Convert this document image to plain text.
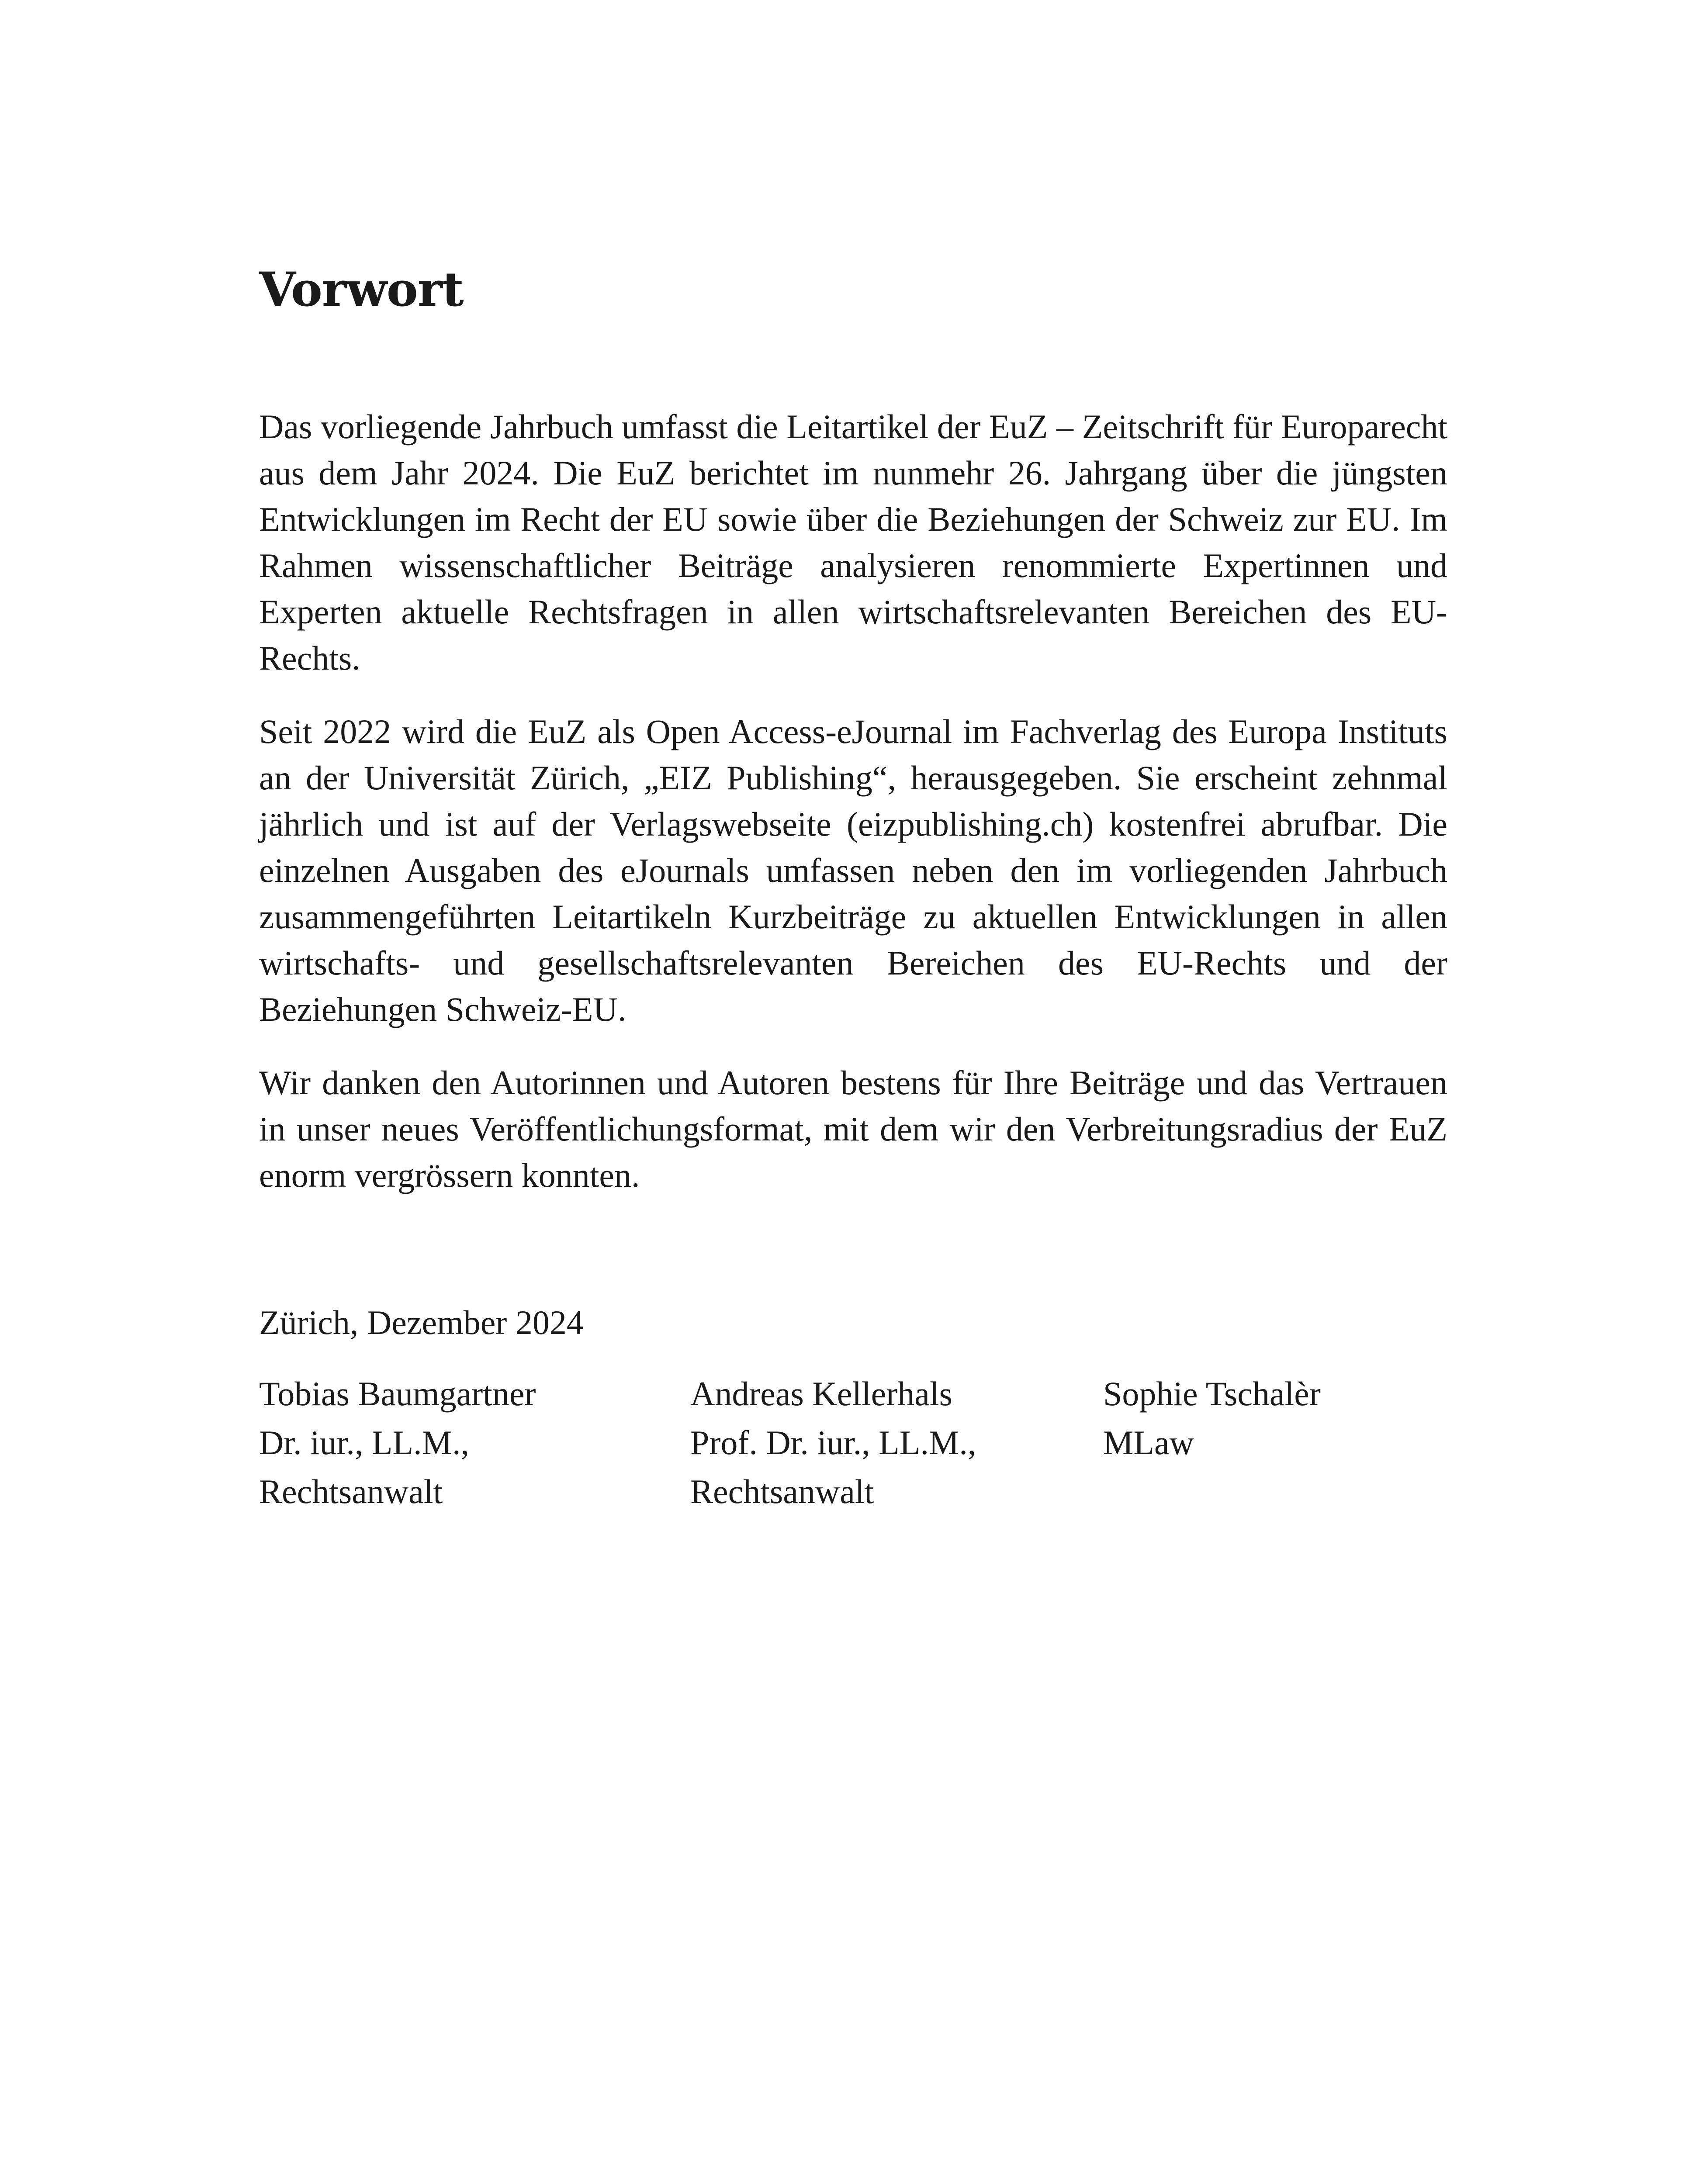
Vorwort

Das vorliegende Jahrbuch umfasst die Leitartikel der EuZ – Zeitschrift für Europarecht aus dem Jahr 2024. Die EuZ berichtet im nunmehr 26. Jahrgang über die jüngsten Entwicklungen im Recht der EU sowie über die Beziehungen der Schweiz zur EU. Im Rahmen wissenschaftlicher Beiträge analysieren renommierte Expertinnen und Experten aktuelle Rechtsfragen in allen wirtschaftsrelevanten Bereichen des EU-Rechts.

Seit 2022 wird die EuZ als Open Access-eJournal im Fachverlag des Europa Instituts an der Universität Zürich, „EIZ Publishing“, herausgegeben. Sie erscheint zehnmal jährlich und ist auf der Verlagswebseite (eizpublishing.ch) kostenfrei abrufbar. Die einzelnen Ausgaben des eJournals umfassen neben den im vorliegenden Jahrbuch zusammengeführten Leitartikeln Kurzbeiträge zu aktuellen Entwicklungen in allen wirtschafts- und gesellschaftsrelevanten Bereichen des EU-Rechts und der Beziehungen Schweiz-EU.

Wir danken den Autorinnen und Autoren bestens für Ihre Beiträge und das Vertrauen in unser neues Veröffentlichungsformat, mit dem wir den Verbreitungsradius der EuZ enorm vergrössern konnten.

Zürich, Dezember 2024

Tobias Baumgartner
Dr. iur., LL.M.,
Rechtsanwalt
Andreas Kellerhals
Prof. Dr. iur., LL.M.,
Rechtsanwalt
Sophie Tschalèr
MLaw
